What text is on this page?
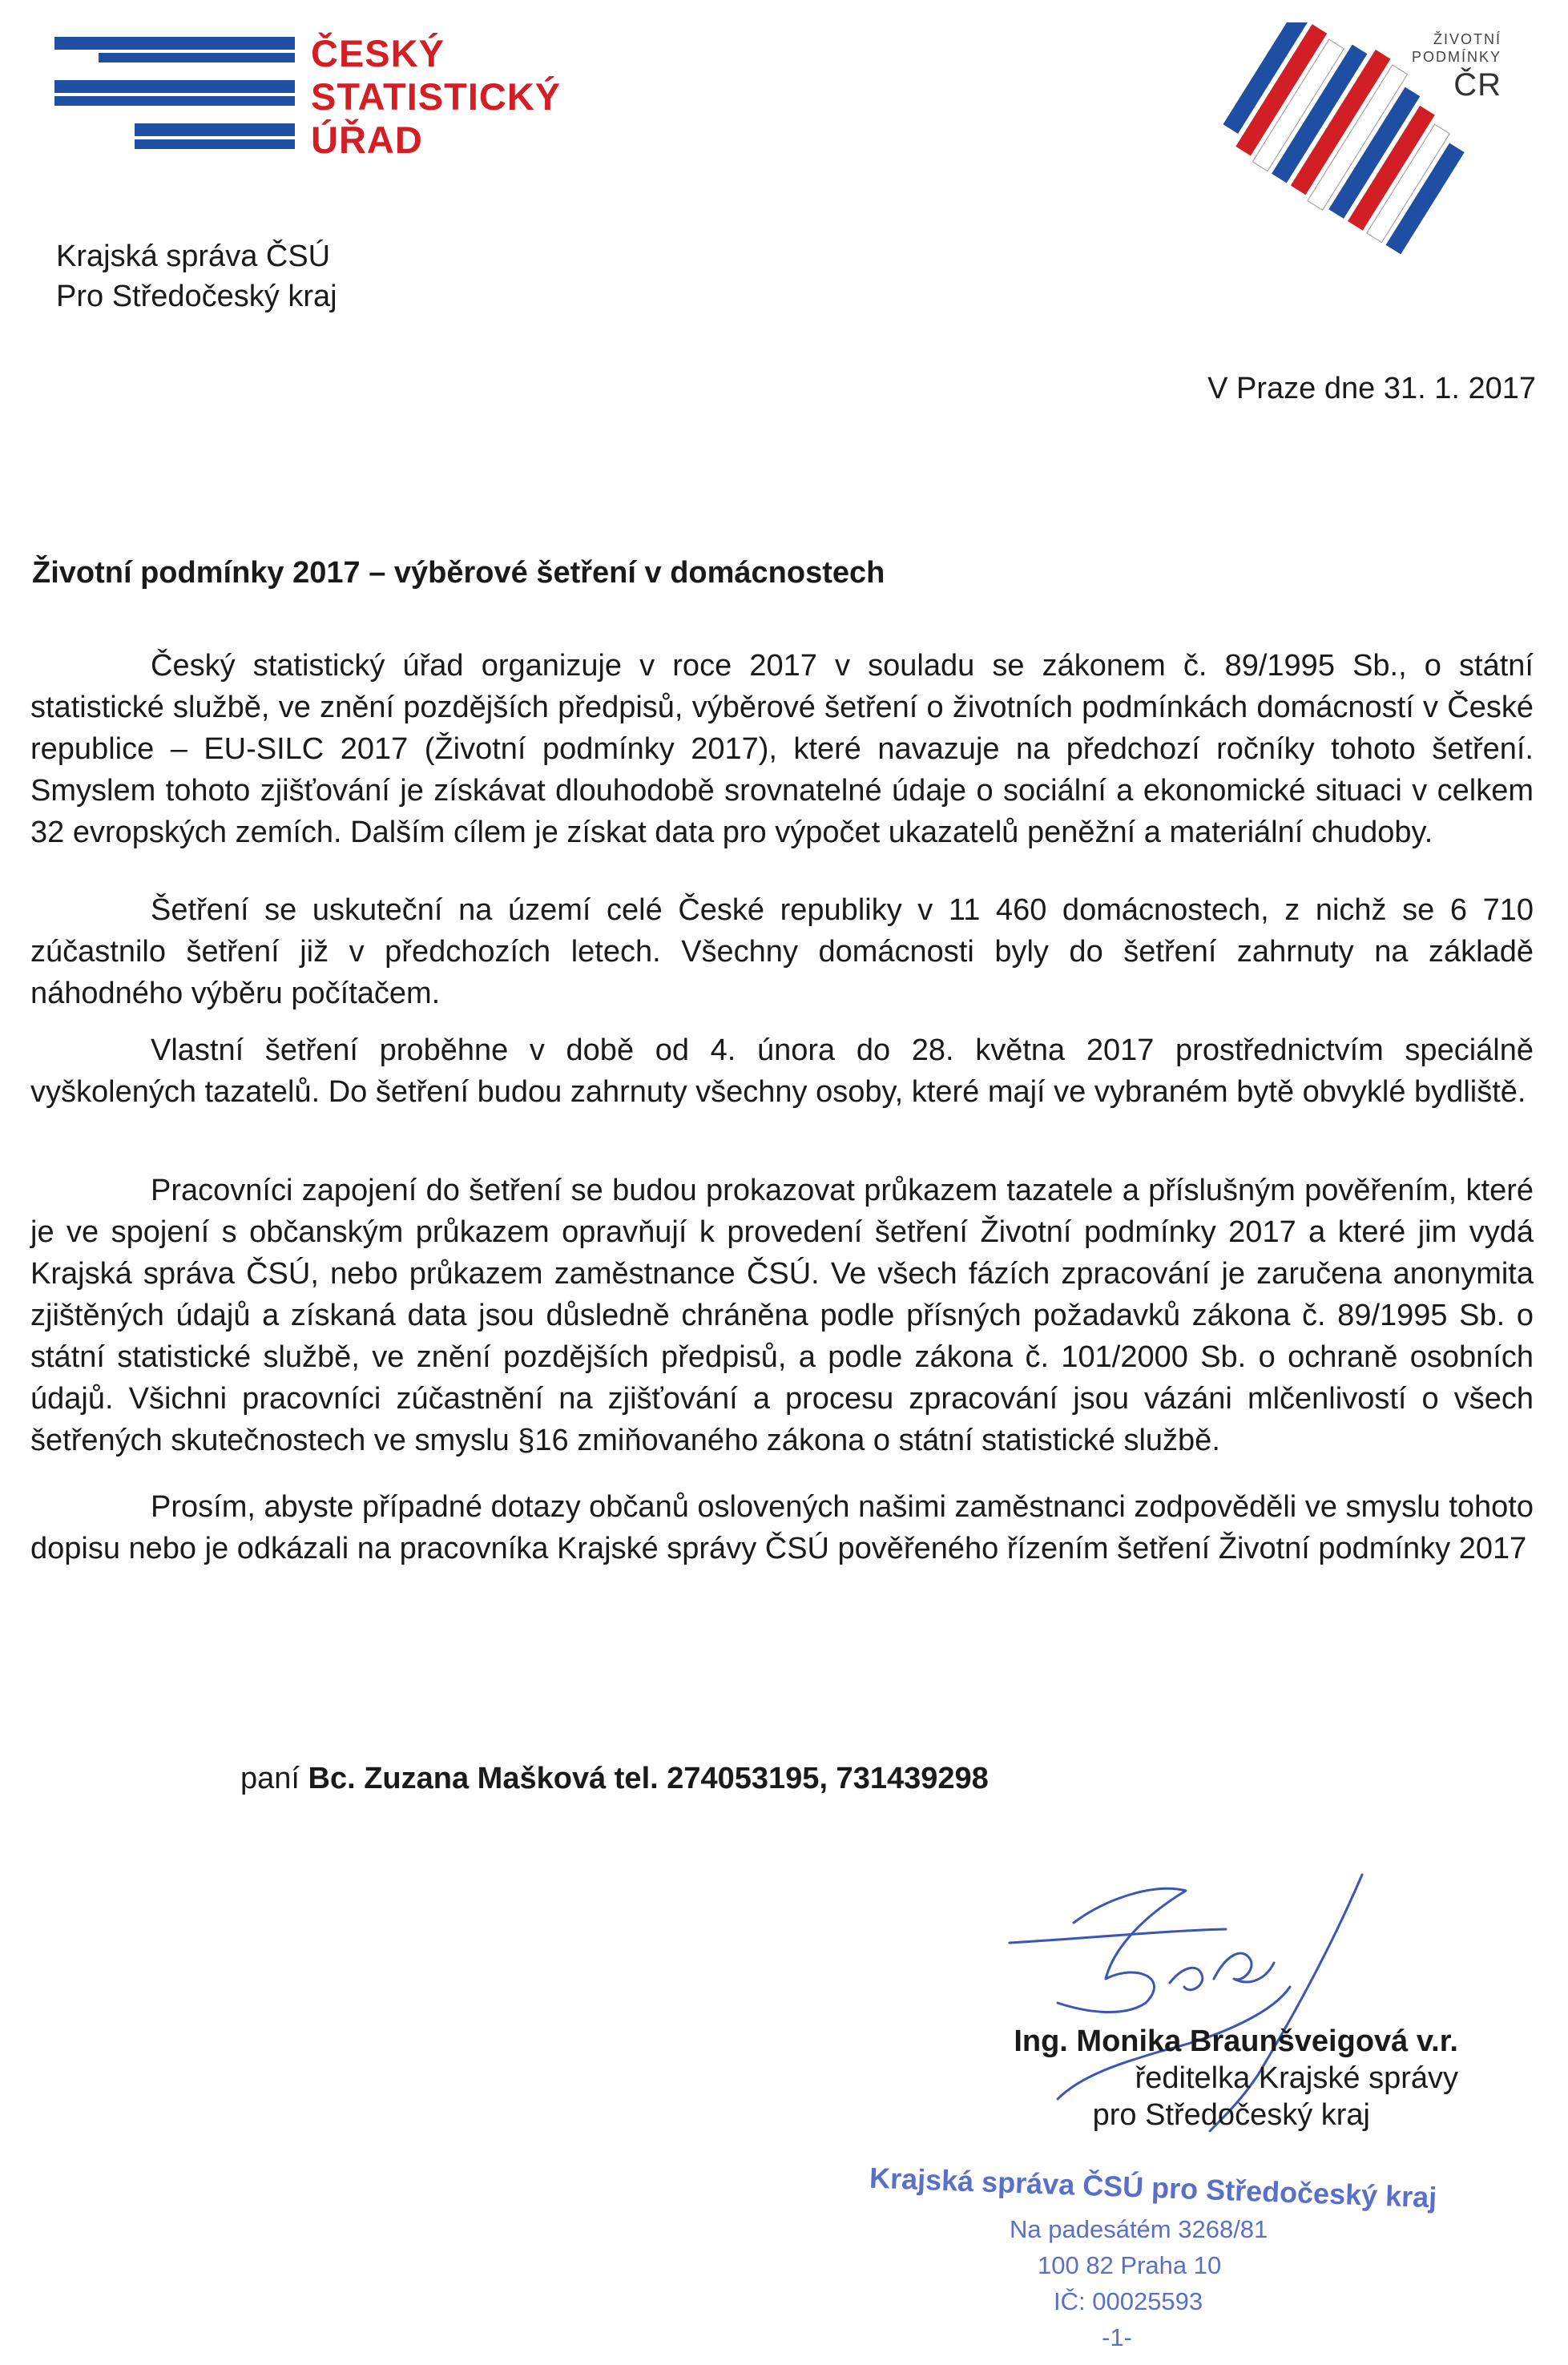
ČESKÝ
STATISTICKÝ
ÚŘAD
ŽIVOTNÍ
PODMÍNKY
ČR
Krajská správa ČSÚ
Pro Středočeský kraj
V Praze dne 31. 1. 2017
Životní podmínky 2017 – výběrové šetření v domácnostech

Český statistický úřad organizuje v roce 2017 v souladu se zákonem č. 89/1995 Sb., o státní statistické službě, ve znění pozdějších předpisů, výběrové šetření o životních podmínkách domácností v České republice – EU-SILC 2017 (Životní podmínky 2017), které navazuje na předchozí ročníky tohoto šetření. Smyslem tohoto zjišťování je získávat dlouhodobě srovnatelné údaje o sociální a ekonomické situaci v celkem 32 evropských zemích. Dalším cílem je získat data pro výpočet ukazatelů peněžní a materiální chudoby.

Šetření se uskuteční na území celé České republiky v 11 460 domácnostech, z nichž se 6 710 zúčastnilo šetření již v předchozích letech. Všechny domácnosti byly do šetření zahrnuty na základě náhodného výběru počítačem.

Vlastní šetření proběhne v době od 4. února do 28. května 2017 prostřednictvím speciálně vyškolených tazatelů. Do šetření budou zahrnuty všechny osoby, které mají ve vybraném bytě obvyklé bydliště.

Pracovníci zapojení do šetření se budou prokazovat průkazem tazatele a příslušným pověřením, které je ve spojení s občanským průkazem opravňují k provedení šetření Životní podmínky 2017 a které jim vydá Krajská správa ČSÚ, nebo průkazem zaměstnance ČSÚ. Ve všech fázích zpracování je zaručena anonymita zjištěných údajů a získaná data jsou důsledně chráněna podle přísných požadavků zákona č. 89/1995 Sb. o státní statistické službě, ve znění pozdějších předpisů, a podle zákona č. 101/2000 Sb. o ochraně osobních údajů. Všichni pracovníci zúčastnění na zjišťování a procesu zpracování jsou vázáni mlčenlivostí o všech šetřených skutečnostech ve smyslu §16 zmiňovaného zákona o státní statistické službě.

Prosím, abyste případné dotazy občanů oslovených našimi zaměstnanci zodpověděli ve smyslu tohoto dopisu nebo je odkázali na pracovníka Krajské správy ČSÚ pověřeného řízením šetření Životní podmínky 2017

paní Bc. Zuzana Mašková tel. 274053195, 731439298
Ing. Monika Braunšveigová v.r.
ředitelka Krajské správy
pro Středočeský kraj
Krajská správa ČSÚ pro Středočeský kraj
Na padesátém 3268/81
100 82 Praha 10
IČ: 00025593
-1-
